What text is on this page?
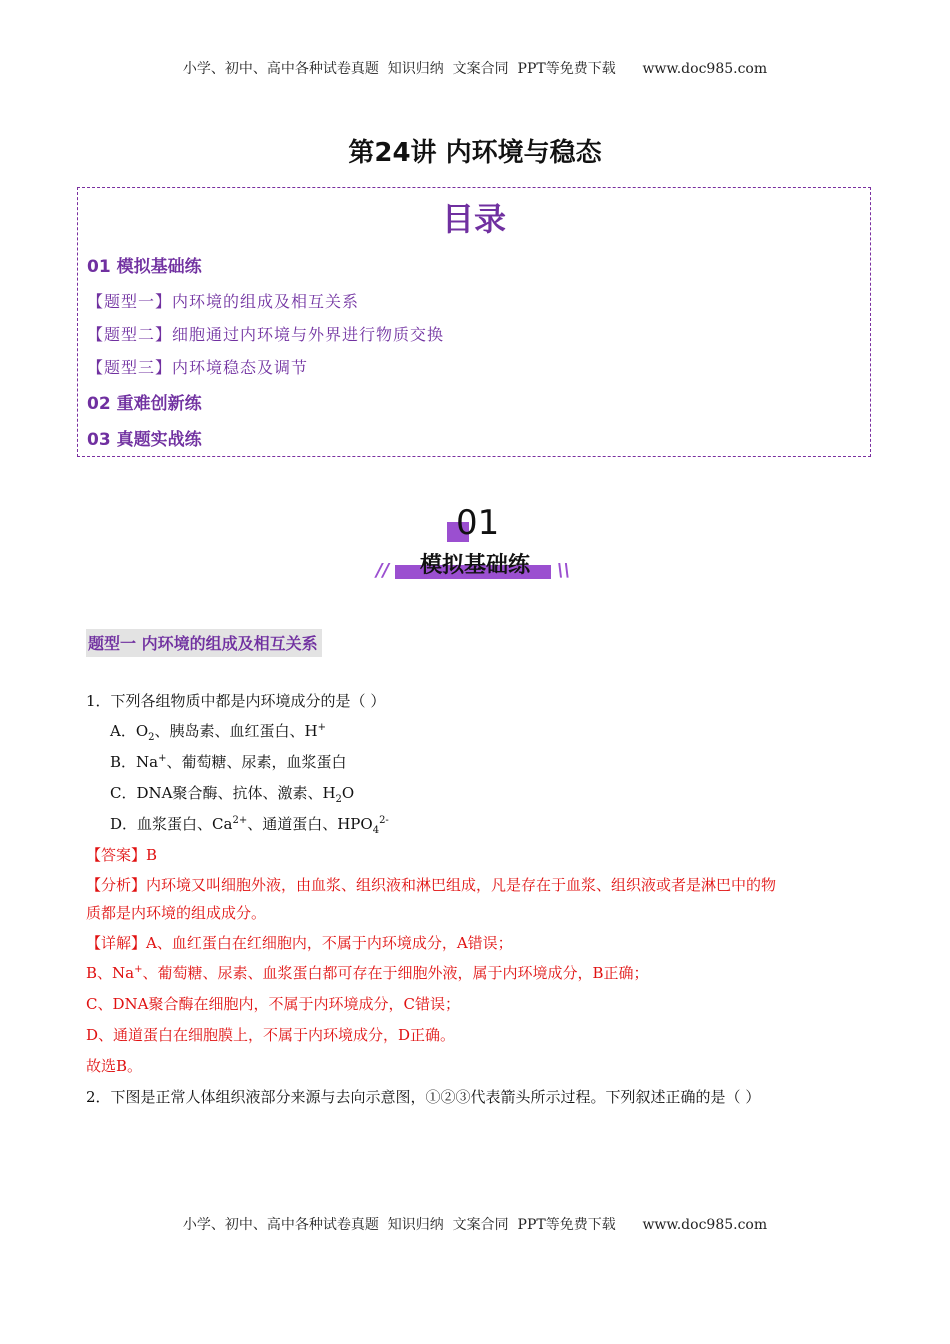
小学、初中、高中各种试卷真题  知识归纳  文案合同  PPT等免费下载      www.doc985.com
第24讲 内环境与稳态
目录
01 模拟基础练
【题型一】内环境的组成及相互关系
【题型二】细胞通过内环境与外界进行物质交换
【题型三】内环境稳态及调节
02 重难创新练
03 真题实战练
01
模拟基础练
//	\\
题型一 内环境的组成及相互关系
1．下列各组物质中都是内环境成分的是（ ）
A．$O_2$、胰岛素、血红蛋白、H+
B．Na+、葡萄糖、尿素，血浆蛋白
C．DNA聚合酶、抗体、激素、$H_2O$
D．血浆蛋白、$Ca^{2+}$、通道蛋白、$HPO_4^{2-}$
【答案】B
【分析】内环境又叫细胞外液，由血浆、组织液和淋巴组成，凡是存在于血浆、组织液或者是淋巴中的物
质都是内环境的组成成分。
【详解】A、血红蛋白在红细胞内，不属于内环境成分，A错误；
B、Na+、葡萄糖、尿素、血浆蛋白都可存在于细胞外液，属于内环境成分，B正确；
C、DNA聚合酶在细胞内，不属于内环境成分，C错误；
D、通道蛋白在细胞膜上，不属于内环境成分，D正确。
故选B。
2．下图是正常人体组织液部分来源与去向示意图，①②③代表箭头所示过程。下列叙述正确的是（ ）
小学、初中、高中各种试卷真题  知识归纳  文案合同  PPT等免费下载      www.doc985.com
